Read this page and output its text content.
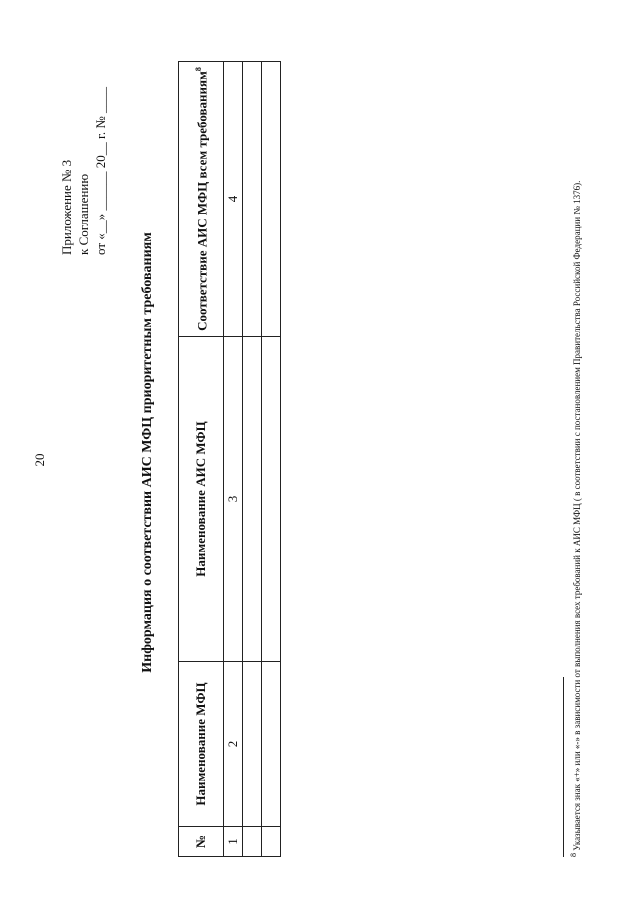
20
Приложение № 3 к Соглашению от «__» ______ 20__ г. № ____
Информация о соответствии АИС МФЦ приоритетным требованиям
№	Наименование МФЦ	Наименование АИС МФЦ	Соответствие АИС МФЦ всем требованиям$^8$
1	2	3	4

$^8$ Указывается знак «+» или «-» в зависимости от выполнения всех требований к АИС МФЦ ( в соответствии с постановлением Правительства Российской Федерации № 1376).
